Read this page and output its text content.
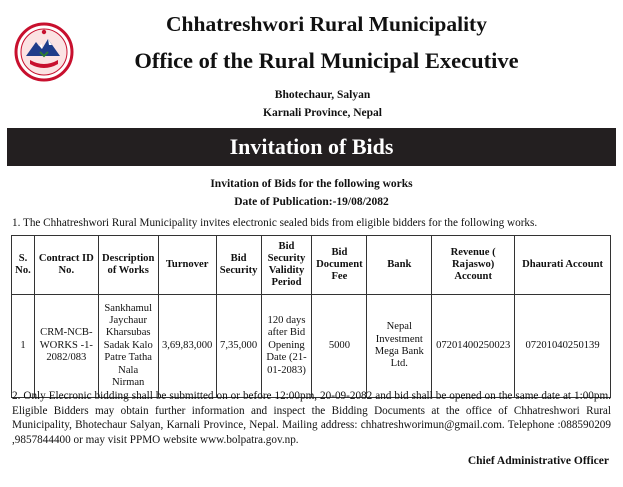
Chhatreshwori Rural Municipality
Office of the Rural Municipal Executive
Bhotechaur, Salyan
Karnali Province, Nepal
Invitation of Bids
Invitation of Bids for the following works
Date of Publication:-19/08/2082
1. The Chhatreshwori Rural Municipality invites electronic sealed bids from eligible bidders for the following works.
S. No.	Contract ID No.	Description of Works	Turnover	Bid Security	Bid Security Validity Period	Bid Document Fee	Bank	Revenue ( Rajaswo) Account	Dhaurati Account
1	CRM-NCB-WORKS -1-2082/083	Sankhamul Jaychaur Kharsubas Sadak Kalo Patre Tatha Nala Nirman	3,69,83,000	7,35,000	120 days after Bid Opening Date (21-01-2083)	5000	Nepal Investment Mega Bank Ltd.	07201400250023	07201040250139
2. Only Elecronic bidding shall be submitted on or before 12:00pm, 20-09-2082 and bid shall be opened on the same date at 1:00pm. Eligible Bidders may obtain further information and inspect the Bidding Documents at the office of Chhatreshwori Rural Municipality, Bhotechaur Salyan, Karnali Province, Nepal. Mailing address: chhatreshworimun@gmail.com. Telephone :088590209 ,9857844400 or may visit PPMO website www.bolpatra.gov.np.
Chief Administrative Officer
